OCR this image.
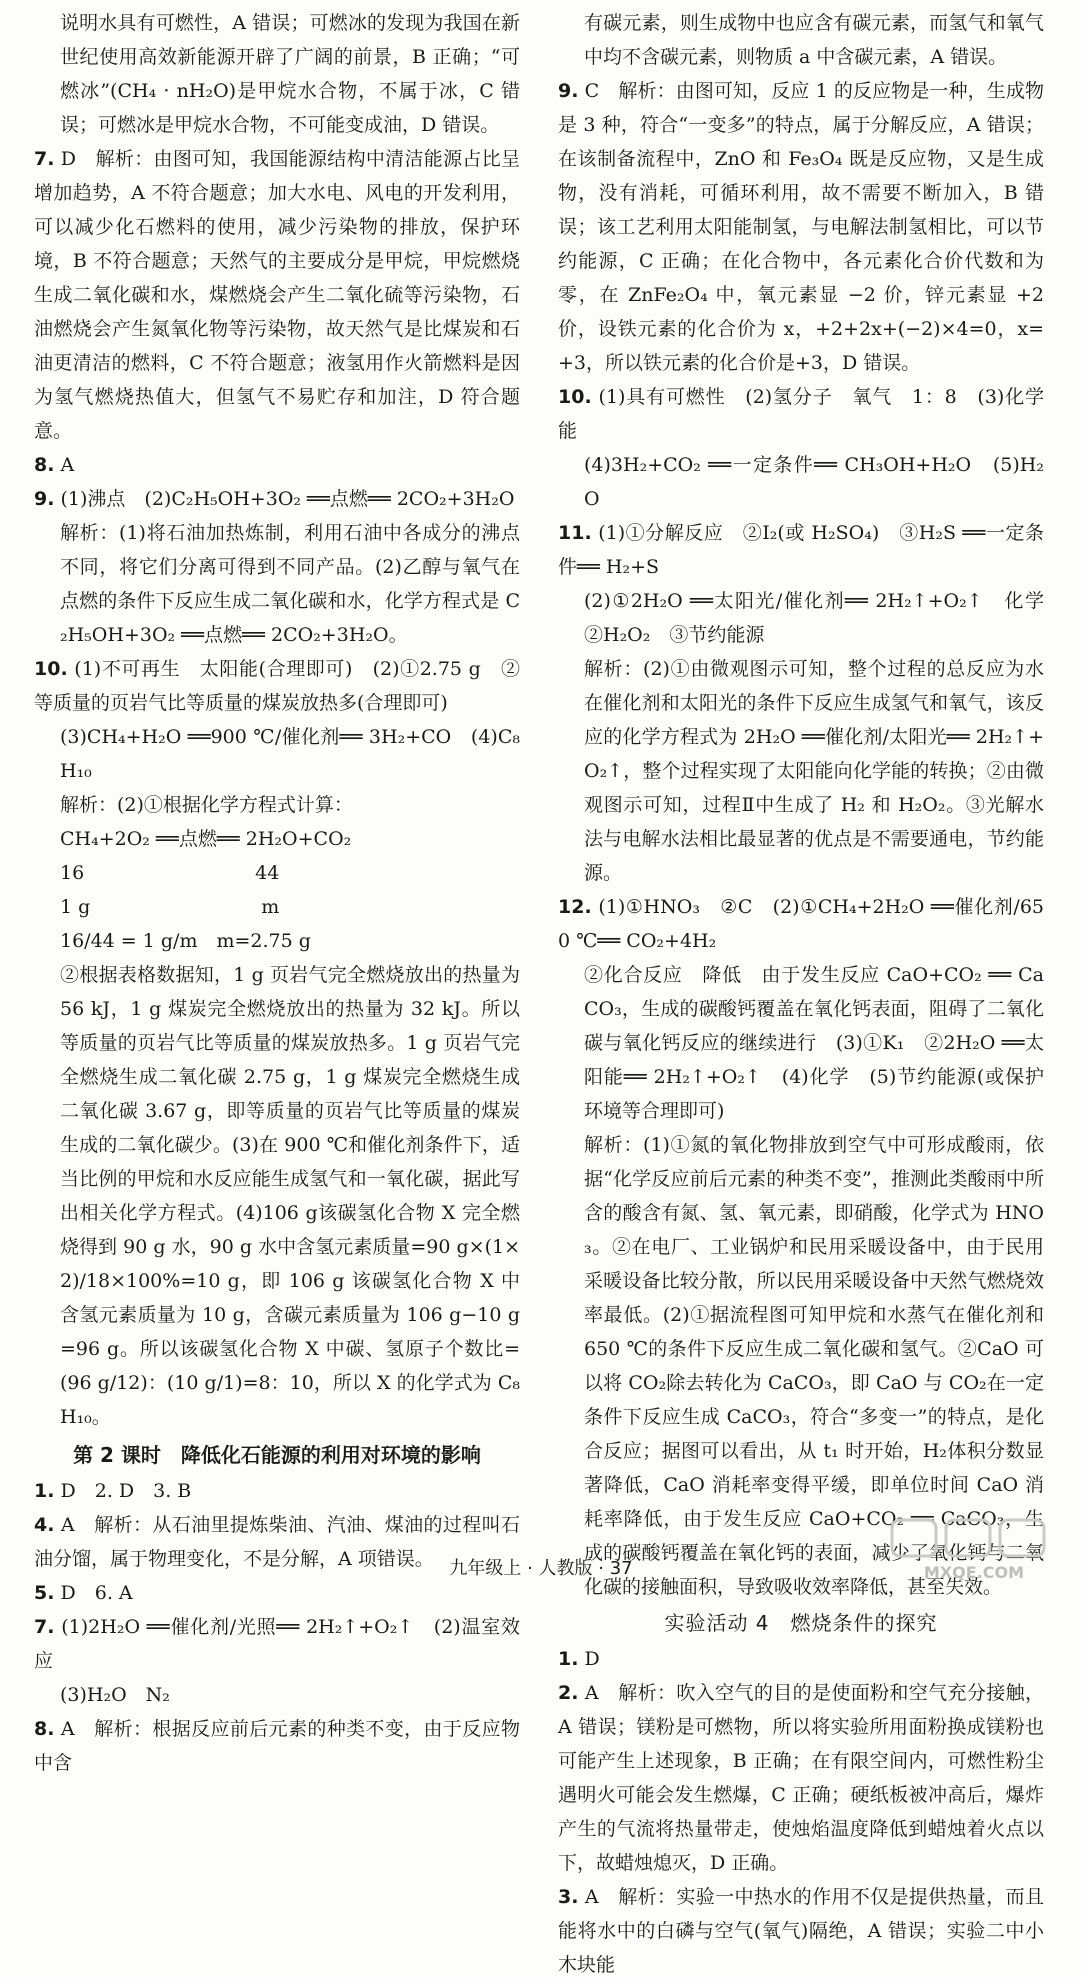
说明水具有可燃性，A 错误；可燃冰的发现为我国在新世纪使用高效新能源开辟了广阔的前景，B 正确；“可燃冰”(CH₄ · nH₂O)是甲烷水合物，不属于冰，C 错误；可燃冰是甲烷水合物，不可能变成油，D 错误。

7. D　解析：由图可知，我国能源结构中清洁能源占比呈增加趋势，A 不符合题意；加大水电、风电的开发利用，可以减少化石燃料的使用，减少污染物的排放，保护环境，B 不符合题意；天然气的主要成分是甲烷，甲烷燃烧生成二氧化碳和水，煤燃烧会产生二氧化硫等污染物，石油燃烧会产生氮氧化物等污染物，故天然气是比煤炭和石油更清洁的燃料，C 不符合题意；液氢用作火箭燃料是因为氢气燃烧热值大，但氢气不易贮存和加注，D 符合题意。

8. A

9. (1)沸点　(2)C₂H₅OH+3O₂ ══点燃══ 2CO₂+3H₂O

解析：(1)将石油加热炼制，利用石油中各成分的沸点不同，将它们分离可得到不同产品。(2)乙醇与氧气在点燃的条件下反应生成二氧化碳和水，化学方程式是 C₂H₅OH+3O₂ ══点燃══ 2CO₂+3H₂O。

10. (1)不可再生　太阳能(合理即可)　(2)①2.75 g　②等质量的页岩气比等质量的煤炭放热多(合理即可)

(3)CH₄+H₂O ══900 ℃/催化剂══ 3H₂+CO　(4)C₈H₁₀

解析：(2)①根据化学方程式计算：

CH₄+2O₂ ══点燃══ 2H₂O+CO₂

16　　　　　　　　　44

1 g　　　　　　　　　m

16/44 = 1 g/m　m=2.75 g

②根据表格数据知，1 g 页岩气完全燃烧放出的热量为 56 kJ，1 g 煤炭完全燃烧放出的热量为 32 kJ。所以等质量的页岩气比等质量的煤炭放热多。1 g 页岩气完全燃烧生成二氧化碳 2.75 g，1 g 煤炭完全燃烧生成二氧化碳 3.67 g，即等质量的页岩气比等质量的煤炭生成的二氧化碳少。(3)在 900 ℃和催化剂条件下，适当比例的甲烷和水反应能生成氢气和一氧化碳，据此写出相关化学方程式。(4)106 g该碳氢化合物 X 完全燃烧得到 90 g 水，90 g 水中含氢元素质量=90 g×(1×2)/18×100%=10 g，即 106 g 该碳氢化合物 X 中含氢元素质量为 10 g，含碳元素质量为 106 g−10 g=96 g。所以该碳氢化合物 X 中碳、氢原子个数比=(96 g/12)：(10 g/1)=8：10，所以 X 的化学式为 C₈H₁₀。

第 2 课时　降低化石能源的利用对环境的影响

1. D　2. D　3. B

4. A　解析：从石油里提炼柴油、汽油、煤油的过程叫石油分馏，属于物理变化，不是分解，A 项错误。

5. D　6. A

7. (1)2H₂O ══催化剂/光照══ 2H₂↑+O₂↑　(2)温室效应

(3)H₂O　N₂

8. A　解析：根据反应前后元素的种类不变，由于反应物中含

有碳元素，则生成物中也应含有碳元素，而氢气和氧气中均不含碳元素，则物质 a 中含碳元素，A 错误。

9. C　解析：由图可知，反应 1 的反应物是一种，生成物是 3 种，符合“一变多”的特点，属于分解反应，A 错误；在该制备流程中，ZnO 和 Fe₃O₄ 既是反应物，又是生成物，没有消耗，可循环利用，故不需要不断加入，B 错误；该工艺利用太阳能制氢，与电解法制氢相比，可以节约能源，C 正确；在化合物中，各元素化合价代数和为零，在 ZnFe₂O₄ 中，氧元素显 −2 价，锌元素显 +2 价，设铁元素的化合价为 x，+2+2x+(−2)×4=0，x=+3，所以铁元素的化合价是+3，D 错误。

10. (1)具有可燃性　(2)氢分子　氧气　1：8　(3)化学能

(4)3H₂+CO₂ ══一定条件══ CH₃OH+H₂O　(5)H₂O

11. (1)①分解反应　②I₂(或 H₂SO₄)　③H₂S ══一定条件══ H₂+S

(2)①2H₂O ══太阳光/催化剂══ 2H₂↑+O₂↑　化学　②H₂O₂　③节约能源

解析：(2)①由微观图示可知，整个过程的总反应为水在催化剂和太阳光的条件下反应生成氢气和氧气，该反应的化学方程式为 2H₂O ══催化剂/太阳光══ 2H₂↑+O₂↑，整个过程实现了太阳能向化学能的转换；②由微观图示可知，过程Ⅱ中生成了 H₂ 和 H₂O₂。③光解水法与电解水法相比最显著的优点是不需要通电，节约能源。

12. (1)①HNO₃　②C　(2)①CH₄+2H₂O ══催化剂/650 ℃══ CO₂+4H₂

②化合反应　降低　由于发生反应 CaO+CO₂ ══ CaCO₃，生成的碳酸钙覆盖在氧化钙表面，阻碍了二氧化碳与氧化钙反应的继续进行　(3)①K₁　②2H₂O ══太阳能══ 2H₂↑+O₂↑　(4)化学　(5)节约能源(或保护环境等合理即可)

解析：(1)①氮的氧化物排放到空气中可形成酸雨，依据“化学反应前后元素的种类不变”，推测此类酸雨中所含的酸含有氮、氢、氧元素，即硝酸，化学式为 HNO₃。②在电厂、工业锅炉和民用采暖设备中，由于民用采暖设备比较分散，所以民用采暖设备中天然气燃烧效率最低。(2)①据流程图可知甲烷和水蒸气在催化剂和 650 ℃的条件下反应生成二氧化碳和氢气。②CaO 可以将 CO₂除去转化为 CaCO₃，即 CaO 与 CO₂在一定条件下反应生成 CaCO₃，符合“多变一”的特点，是化合反应；据图可以看出，从 t₁ 时开始，H₂体积分数显著降低，CaO 消耗率变得平缓，即单位时间 CaO 消耗率降低，由于发生反应 CaO+CO₂ ══ CaCO₃，生成的碳酸钙覆盖在氧化钙的表面，减少了氧化钙与二氧化碳的接触面积，导致吸收效率降低，甚至失效。

实验活动 4　燃烧条件的探究

1. D

2. A　解析：吹入空气的目的是使面粉和空气充分接触，A 错误；镁粉是可燃物，所以将实验所用面粉换成镁粉也可能产生上述现象，B 正确；在有限空间内，可燃性粉尘遇明火可能会发生燃爆，C 正确；硬纸板被冲高后，爆炸产生的气流将热量带走，使烛焰温度降低到蜡烛着火点以下，故蜡烛熄灭，D 正确。

3. A　解析：实验一中热水的作用不仅是提供热量，而且能将水中的白磷与空气(氧气)隔绝，A 错误；实验二中小木块能

九年级上 · 人教版 · 37	MXQE.COM
